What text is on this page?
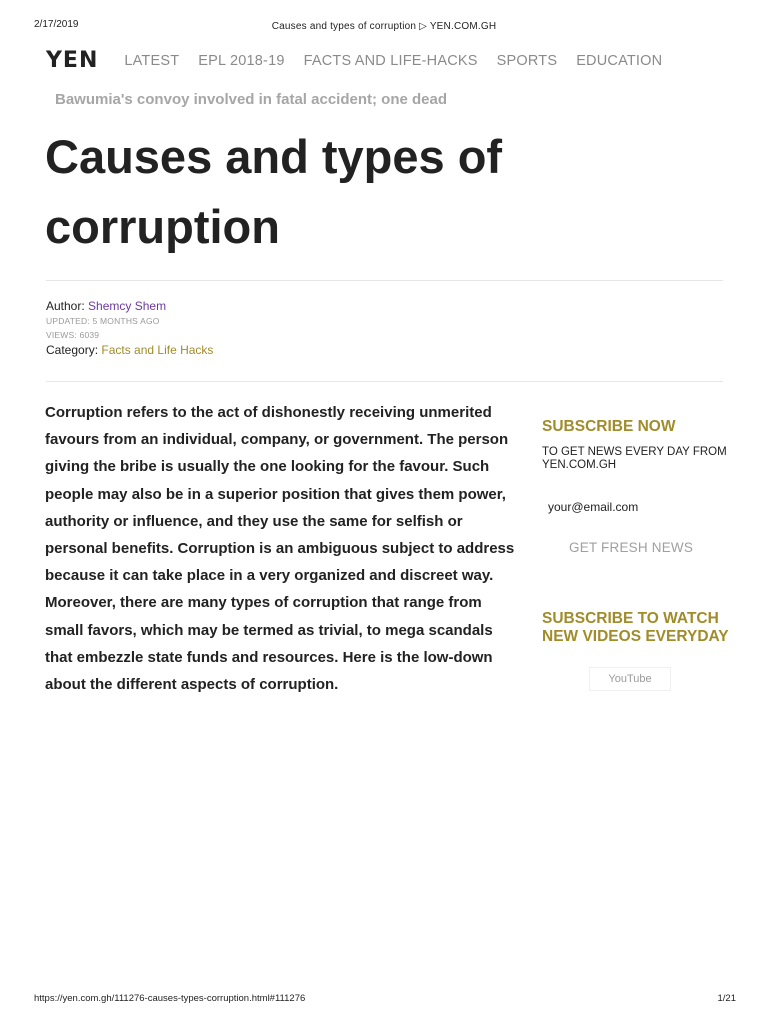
2/17/2019	Causes and types of corruption ▷ YEN.COM.GH
YEN LATEST EPL 2018-19 FACTS AND LIFE-HACKS SPORTS EDUCATION
Bawumia's convoy involved in fatal accident; one dead
Causes and types of corruption
Author: Shemcy Shem
UPDATED: 5 MONTHS AGO
VIEWS: 6039
Category: Facts and Life Hacks

Corruption refers to the act of dishonestly receiving unmerited favours from an individual, company, or government. The person giving the bribe is usually the one looking for the favour. Such people may also be in a superior position that gives them power, authority or influence, and they use the same for selfish or personal benefits. Corruption is an ambiguous subject to address because it can take place in a very organized and discreet way. Moreover, there are many types of corruption that range from small favors, which may be termed as trivial, to mega scandals that embezzle state funds and resources. Here is the low-down about the different aspects of corruption.

SUBSCRIBE NOW
TO GET NEWS EVERY DAY FROM YEN.COM.GH
your@email.com
GET FRESH NEWS
SUBSCRIBE TO WATCH NEW VIDEOS EVERYDAY
YouTube
https://yen.com.gh/111276-causes-types-corruption.html#111276	1/21
